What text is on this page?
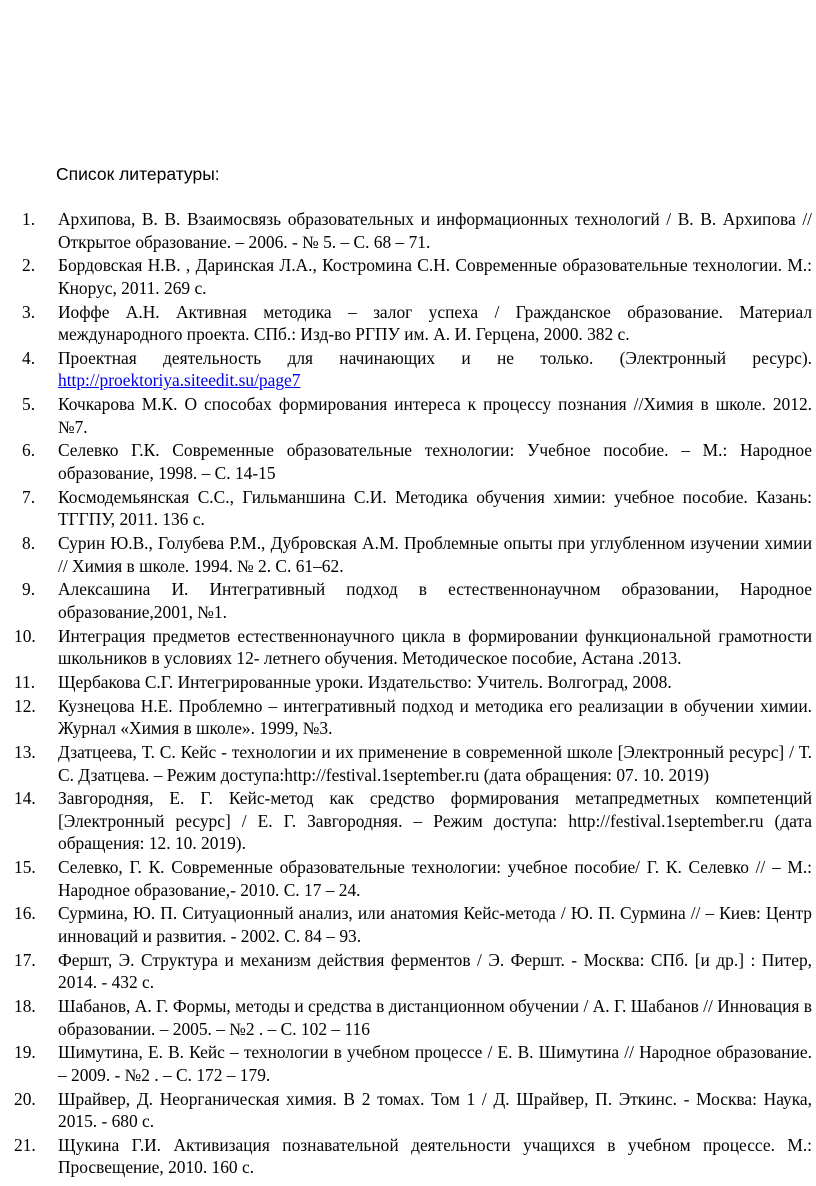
Список литературы:
1.	Архипова, В. В. Взаимосвязь образовательных и информационных технологий / В. В. Архипова // Открытое образование. – 2006. - № 5. – С. 68 – 71.
2.	Бордовская Н.В. , Даринская Л.А., Костромина С.Н. Современные образовательные технологии. М.: Кнорус, 2011. 269 с.
3.	Иоффе А.Н. Активная методика – залог успеха / Гражданское образование. Материал международного проекта. СПб.: Изд-во РГПУ им. А. И. Герцена, 2000. 382 с.
4.	Проектная деятельность для начинающих и не только. (Электронный ресурс). http://proektoriya.siteedit.su/page7
5.	Кочкарова М.К. О способах формирования интереса к процессу познания //Химия в школе. 2012. №7.
6.	Селевко Г.К. Современные образовательные технологии: Учебное пособие. – М.: Народное образование, 1998. – С. 14-15
7.	Космодемьянская С.С., Гильманшина С.И. Методика обучения химии: учебное пособие. Казань: ТГГПУ, 2011. 136 с.
8.	Сурин Ю.В., Голубева Р.М., Дубровская А.М. Проблемные опыты при углубленном изучении химии // Химия в школе. 1994. № 2. С. 61–62.
9.	Алексашина И. Интегративный подход в естественнонаучном образовании, Народное образование,2001, №1.
10.	Интеграция предметов естественнонаучного цикла в формировании функциональной грамотности школьников в условиях 12- летнего обучения. Методическое пособие, Астана .2013.
11.	Щербакова С.Г. Интегрированные уроки. Издательство: Учитель. Волгоград, 2008.
12.	Кузнецова Н.Е. Проблемно – интегративный подход и методика его реализации в обучении химии. Журнал «Химия в школе». 1999, №3.
13.	Дзатцеева, Т. С. Кейс - технологии и их применение в современной школе [Электронный ресурс] / Т. С. Дзатцева. – Режим доступа:http://festival.1september.ru (дата обращения: 07. 10. 2019)
14.	Завгородняя, Е. Г. Кейс-метод как средство формирования метапредметных компетенций [Электронный ресурс] / Е. Г. Завгородняя. – Режим доступа: http://festival.1september.ru (дата обращения: 12. 10. 2019).
15.	Селевко, Г. К. Современные образовательные технологии: учебное пособие/ Г. К. Селевко // – М.: Народное образование,- 2010. С. 17 – 24.
16.	Сурмина, Ю. П. Ситуационный анализ, или анатомия Кейс-метода / Ю. П. Сурмина // – Киев: Центр инноваций и развития. - 2002. С. 84 – 93.
17.	Фершт, Э. Структура и механизм действия ферментов / Э. Фершт. - Москва: СПб. [и др.] : Питер, 2014. - 432 с.
18.	Шабанов, А. Г. Формы, методы и средства в дистанционном обучении / А. Г. Шабанов // Инновация в образовании. – 2005. – №2 . – С. 102 – 116
19.	Шимутина, Е. В. Кейс – технологии в учебном процессе / Е. В. Шимутина // Народное образование. – 2009. - №2 . – С. 172 – 179.
20.	Шрайвер, Д. Неорганическая химия. В 2 томах. Том 1 / Д. Шрайвер, П. Эткинс. - Москва: Наука, 2015. - 680 с.
21.	Щукина Г.И. Активизация познавательной деятельности учащихся в учебном процессе. М.: Просвещение, 2010. 160 с.
